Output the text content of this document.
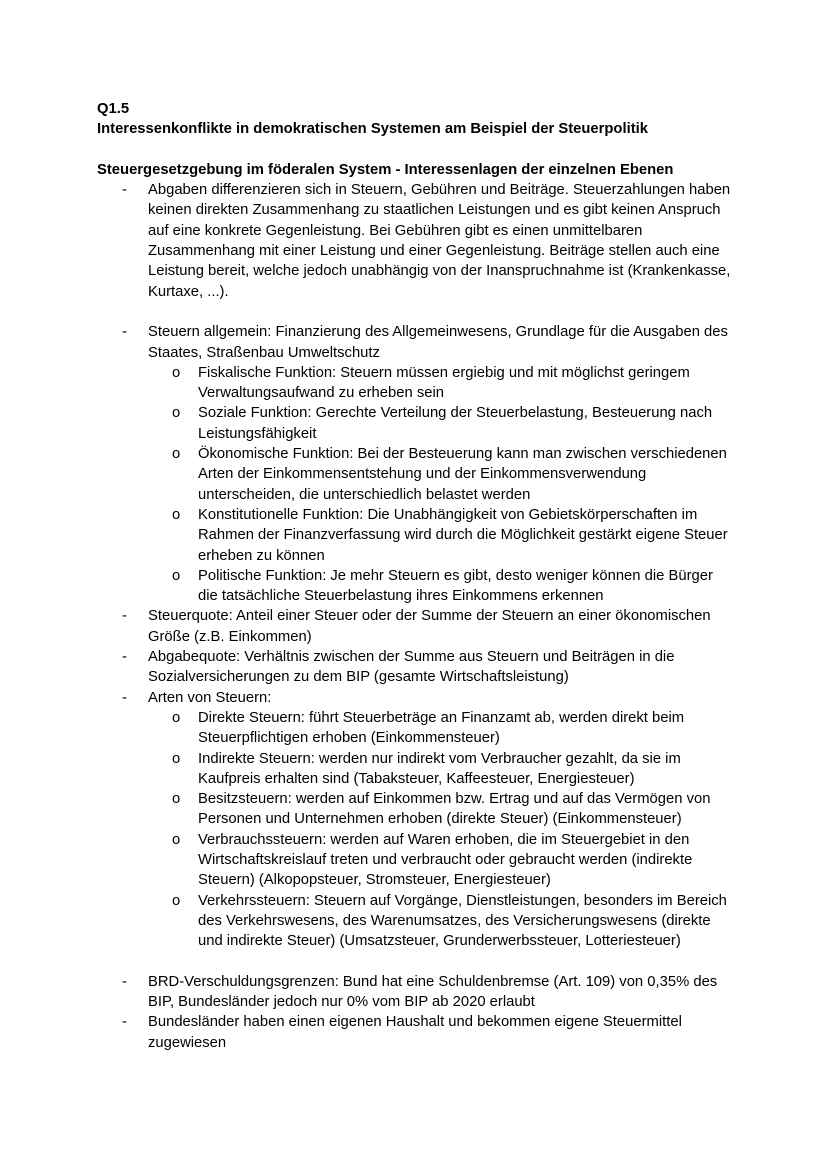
Q1.5
Interessenkonflikte in demokratischen Systemen am Beispiel der Steuerpolitik
Steuergesetzgebung im föderalen System - Interessenlagen der einzelnen Ebenen
-	Abgaben differenzieren sich in Steuern, Gebühren und Beiträge. Steuerzahlungen haben keinen direkten Zusammenhang zu staatlichen Leistungen und es gibt keinen Anspruch auf eine konkrete Gegenleistung. Bei Gebühren gibt es einen unmittelbaren Zusammenhang mit einer Leistung und einer Gegenleistung. Beiträge stellen auch eine Leistung bereit, welche jedoch unabhängig von der Inanspruchnahme ist (Krankenkasse, Kurtaxe, ...).
-	Steuern allgemein: Finanzierung des Allgemeinwesens, Grundlage für die Ausgaben des Staates, Straßenbau Umweltschutz
o	Fiskalische Funktion: Steuern müssen ergiebig und mit möglichst geringem Verwaltungsaufwand zu erheben sein
o	Soziale Funktion: Gerechte Verteilung der Steuerbelastung, Besteuerung nach Leistungsfähigkeit
o	Ökonomische Funktion: Bei der Besteuerung kann man zwischen verschiedenen Arten der Einkommensentstehung und der Einkommensverwendung unterscheiden, die unterschiedlich belastet werden
o	Konstitutionelle Funktion: Die Unabhängigkeit von Gebietskörperschaften im Rahmen der Finanzverfassung wird durch die Möglichkeit gestärkt eigene Steuer erheben zu können
o	Politische Funktion: Je mehr Steuern es gibt, desto weniger können die Bürger die tatsächliche Steuerbelastung ihres Einkommens erkennen
-	Steuerquote: Anteil einer Steuer oder der Summe der Steuern an einer ökonomischen Größe (z.B. Einkommen)
-	Abgabequote: Verhältnis zwischen der Summe aus Steuern und Beiträgen in die Sozialversicherungen zu dem BIP (gesamte Wirtschaftsleistung)
-	Arten von Steuern:
o	Direkte Steuern: führt Steuerbeträge an Finanzamt ab, werden direkt beim Steuerpflichtigen erhoben (Einkommensteuer)
o	Indirekte Steuern: werden nur indirekt vom Verbraucher gezahlt, da sie im Kaufpreis erhalten sind (Tabaksteuer, Kaffeesteuer, Energiesteuer)
o	Besitzsteuern: werden auf Einkommen bzw. Ertrag und auf das Vermögen von Personen und Unternehmen erhoben (direkte Steuer) (Einkommensteuer)
o	Verbrauchssteuern: werden auf Waren erhoben, die im Steuergebiet in den Wirtschaftskreislauf treten und verbraucht oder gebraucht werden (indirekte Steuern) (Alkopopsteuer, Stromsteuer, Energiesteuer)
o	Verkehrssteuern: Steuern auf Vorgänge, Dienstleistungen, besonders im Bereich des Verkehrswesens, des Warenumsatzes, des Versicherungswesens (direkte und indirekte Steuer) (Umsatzsteuer, Grunderwerbssteuer, Lotteriesteuer)
-	BRD-Verschuldungsgrenzen: Bund hat eine Schuldenbremse (Art. 109) von 0,35% des BIP, Bundesländer jedoch nur 0% vom BIP ab 2020 erlaubt
-	Bundesländer haben einen eigenen Haushalt und bekommen eigene Steuermittel zugewiesen
